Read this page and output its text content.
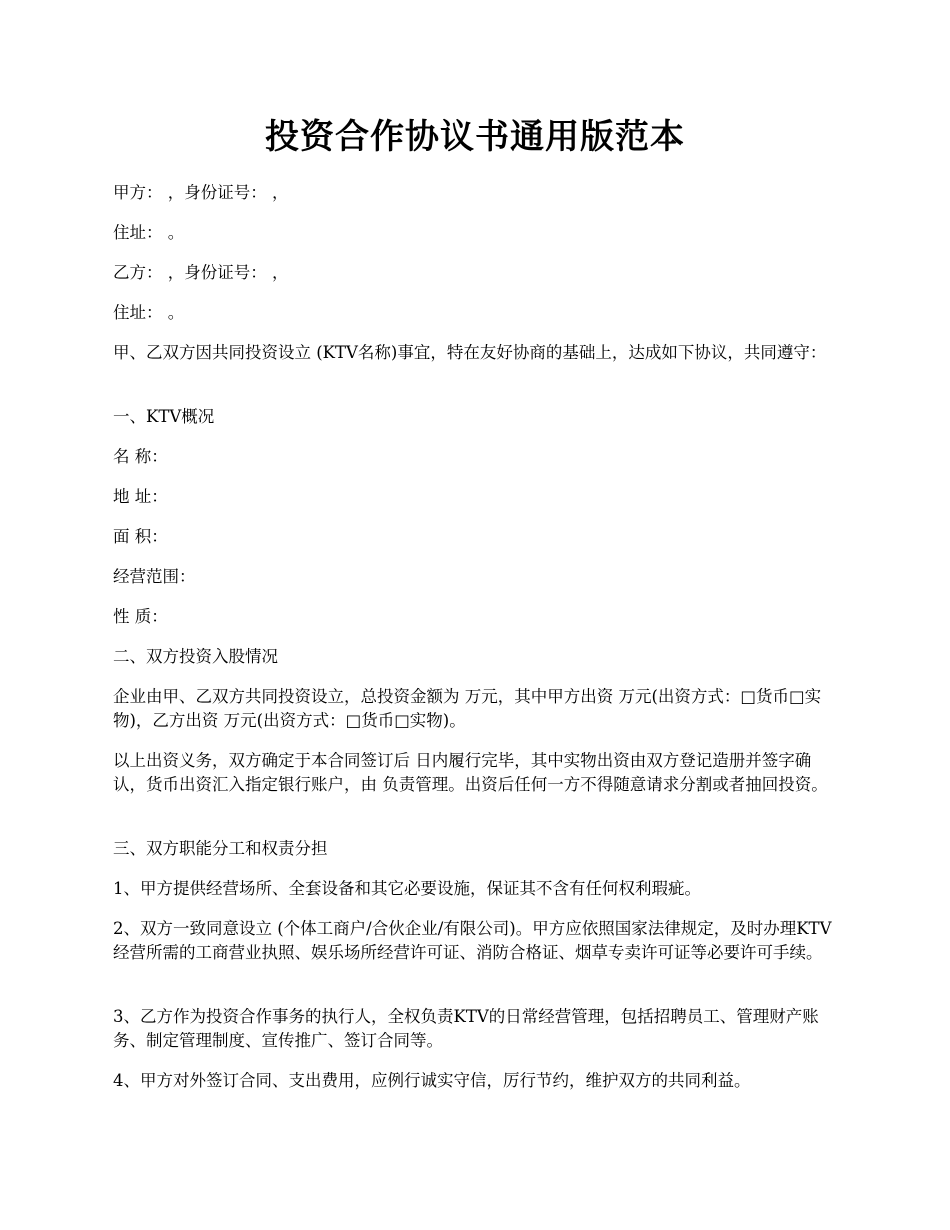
投资合作协议书通用版范本

甲方： ，身份证号： ，

住址： 。

乙方： ，身份证号： ，

住址： 。

甲、乙双方因共同投资设立 (KTV名称)事宜，特在友好协商的基础上，达成如下协议，共同遵守：

一、KTV概况

名 称：

地 址：

面 积：

经营范围：

性 质：

二、双方投资入股情况

企业由甲、乙双方共同投资设立，总投资金额为 万元，其中甲方出资 万元(出资方式：□货币□实物)，乙方出资 万元(出资方式：□货币□实物)。

以上出资义务，双方确定于本合同签订后 日内履行完毕，其中实物出资由双方登记造册并签字确认，货币出资汇入指定银行账户，由 负责管理。出资后任何一方不得随意请求分割或者抽回投资。

三、双方职能分工和权责分担

1、甲方提供经营场所、全套设备和其它必要设施，保证其不含有任何权利瑕疵。

2、双方一致同意设立 (个体工商户/合伙企业/有限公司)。甲方应依照国家法律规定，及时办理KTV经营所需的工商营业执照、娱乐场所经营许可证、消防合格证、烟草专卖许可证等必要许可手续。

3、乙方作为投资合作事务的执行人，全权负责KTV的日常经营管理，包括招聘员工、管理财产账务、制定管理制度、宣传推广、签订合同等。

4、甲方对外签订合同、支出费用，应例行诚实守信，厉行节约，维护双方的共同利益。
